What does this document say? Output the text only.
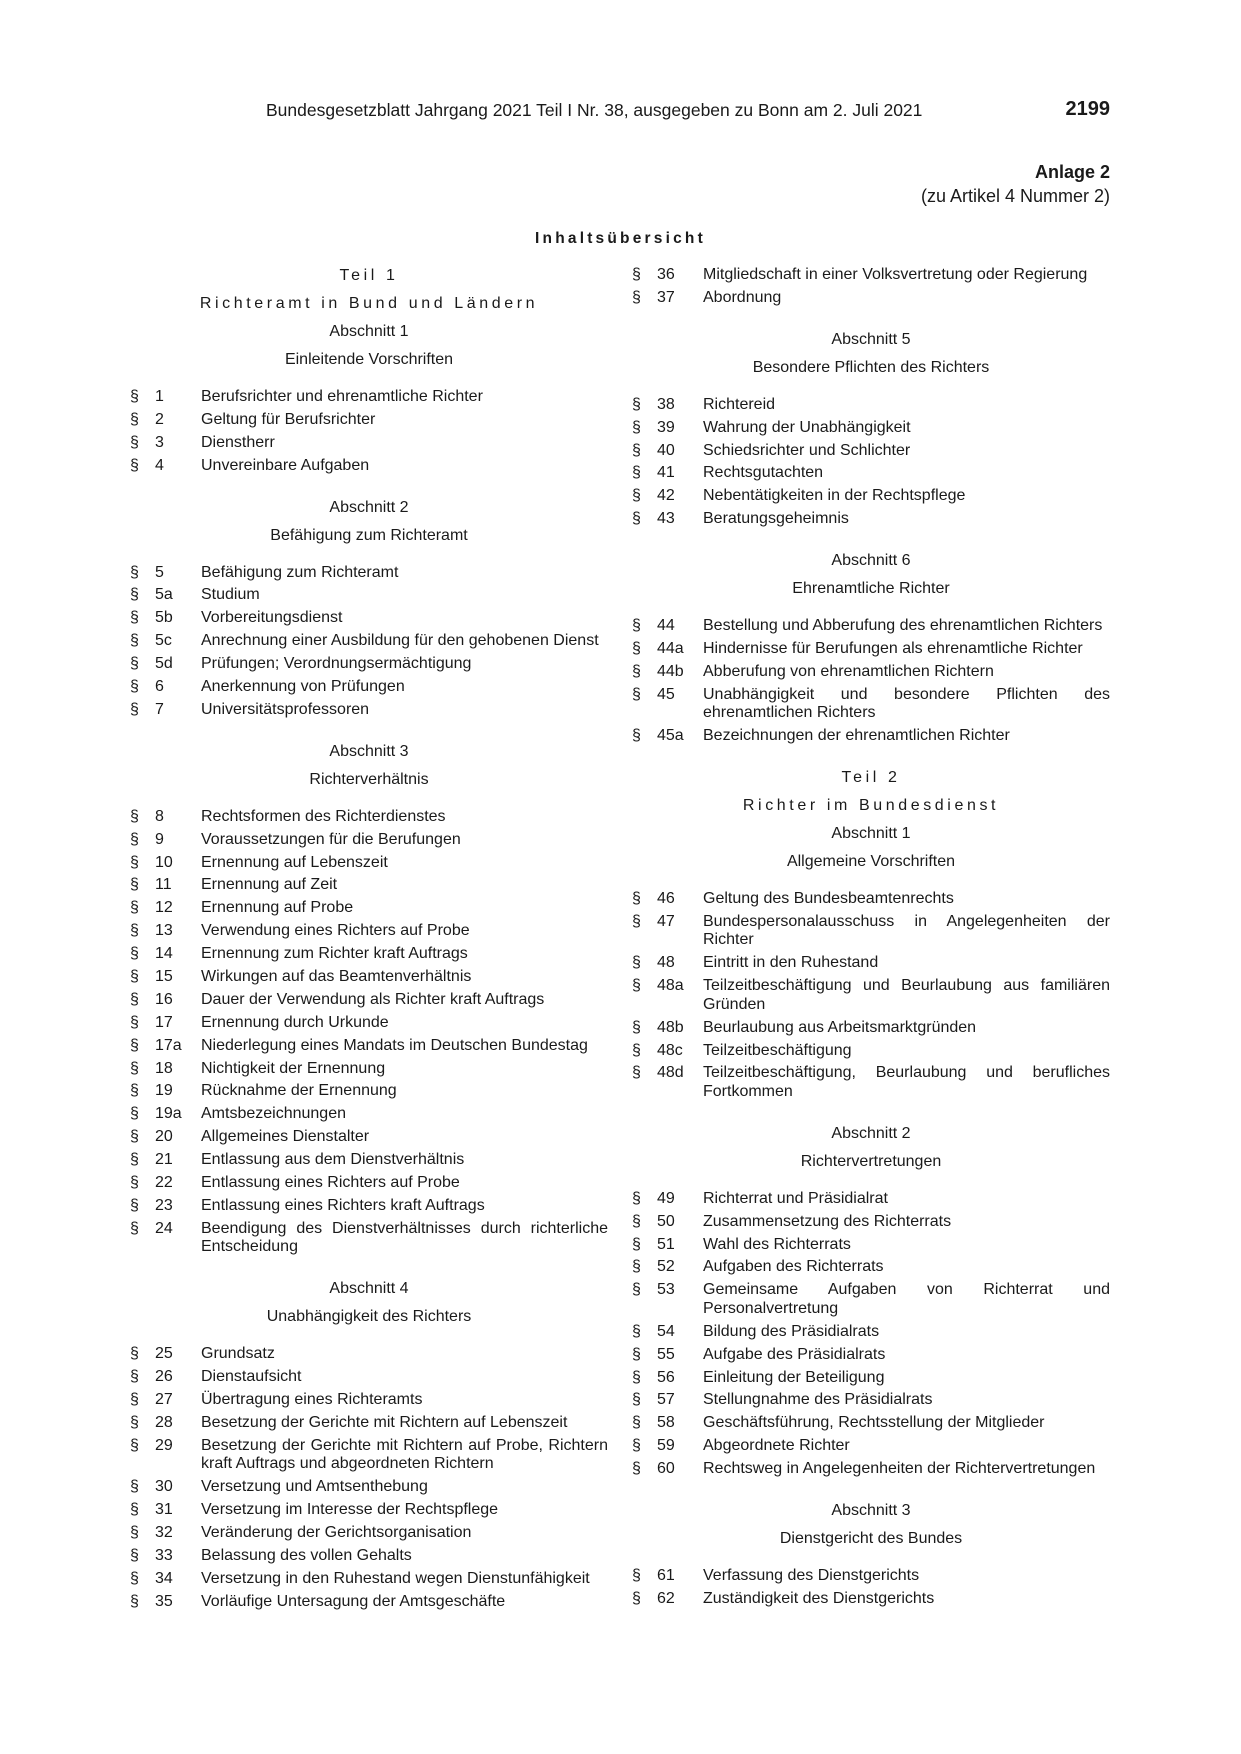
Bundesgesetzblatt Jahrgang 2021 Teil I Nr. 38, ausgegeben zu Bonn am 2. Juli 2021	2199
Anlage 2
(zu Artikel 4 Nummer 2)
Inhaltsübersicht
Teil 1
Richteramt in Bund und Ländern
Abschnitt 1
Einleitende Vorschriften
§	1	Berufsrichter und ehrenamtliche Richter
§	2	Geltung für Berufsrichter
§	3	Dienstherr
§	4	Unvereinbare Aufgaben
Abschnitt 2
Befähigung zum Richteramt
§	5	Befähigung zum Richteramt
§	5a	Studium
§	5b	Vorbereitungsdienst
§	5c	Anrechnung einer Ausbildung für den gehobenen Dienst
§	5d	Prüfungen; Verordnungsermächtigung
§	6	Anerkennung von Prüfungen
§	7	Universitätsprofessoren
Abschnitt 3
Richterverhältnis
§	8	Rechtsformen des Richterdienstes
§	9	Voraussetzungen für die Berufungen
§	10	Ernennung auf Lebenszeit
§	11	Ernennung auf Zeit
§	12	Ernennung auf Probe
§	13	Verwendung eines Richters auf Probe
§	14	Ernennung zum Richter kraft Auftrags
§	15	Wirkungen auf das Beamtenverhältnis
§	16	Dauer der Verwendung als Richter kraft Auftrags
§	17	Ernennung durch Urkunde
§	17a	Niederlegung eines Mandats im Deutschen Bundestag
§	18	Nichtigkeit der Ernennung
§	19	Rücknahme der Ernennung
§	19a	Amtsbezeichnungen
§	20	Allgemeines Dienstalter
§	21	Entlassung aus dem Dienstverhältnis
§	22	Entlassung eines Richters auf Probe
§	23	Entlassung eines Richters kraft Auftrags
§	24	Beendigung des Dienstverhältnisses durch richterliche Entscheidung
Abschnitt 4
Unabhängigkeit des Richters
§	25	Grundsatz
§	26	Dienstaufsicht
§	27	Übertragung eines Richteramts
§	28	Besetzung der Gerichte mit Richtern auf Lebenszeit
§	29	Besetzung der Gerichte mit Richtern auf Probe, Richtern kraft Auftrags und abgeordneten Richtern
§	30	Versetzung und Amtsenthebung
§	31	Versetzung im Interesse der Rechtspflege
§	32	Veränderung der Gerichtsorganisation
§	33	Belassung des vollen Gehalts
§	34	Versetzung in den Ruhestand wegen Dienstunfähigkeit
§	35	Vorläufige Untersagung der Amtsgeschäfte
§	36	Mitgliedschaft in einer Volksvertretung oder Regierung
§	37	Abordnung
Abschnitt 5
Besondere Pflichten des Richters
§	38	Richtereid
§	39	Wahrung der Unabhängigkeit
§	40	Schiedsrichter und Schlichter
§	41	Rechtsgutachten
§	42	Nebentätigkeiten in der Rechtspflege
§	43	Beratungsgeheimnis
Abschnitt 6
Ehrenamtliche Richter
§	44	Bestellung und Abberufung des ehrenamtlichen Richters
§	44a	Hindernisse für Berufungen als ehrenamtliche Richter
§	44b	Abberufung von ehrenamtlichen Richtern
§	45	Unabhängigkeit und besondere Pflichten des ehrenamtlichen Richters
§	45a	Bezeichnungen der ehrenamtlichen Richter
Teil 2
Richter im Bundesdienst
Abschnitt 1
Allgemeine Vorschriften
§	46	Geltung des Bundesbeamtenrechts
§	47	Bundespersonalausschuss in Angelegenheiten der Richter
§	48	Eintritt in den Ruhestand
§	48a	Teilzeitbeschäftigung und Beurlaubung aus familiären Gründen
§	48b	Beurlaubung aus Arbeitsmarktgründen
§	48c	Teilzeitbeschäftigung
§	48d	Teilzeitbeschäftigung, Beurlaubung und berufliches Fortkommen
Abschnitt 2
Richtervertretungen
§	49	Richterrat und Präsidialrat
§	50	Zusammensetzung des Richterrats
§	51	Wahl des Richterrats
§	52	Aufgaben des Richterrats
§	53	Gemeinsame Aufgaben von Richterrat und Personalvertretung
§	54	Bildung des Präsidialrats
§	55	Aufgabe des Präsidialrats
§	56	Einleitung der Beteiligung
§	57	Stellungnahme des Präsidialrats
§	58	Geschäftsführung, Rechtsstellung der Mitglieder
§	59	Abgeordnete Richter
§	60	Rechtsweg in Angelegenheiten der Richtervertretungen
Abschnitt 3
Dienstgericht des Bundes
§	61	Verfassung des Dienstgerichts
§	62	Zuständigkeit des Dienstgerichts
